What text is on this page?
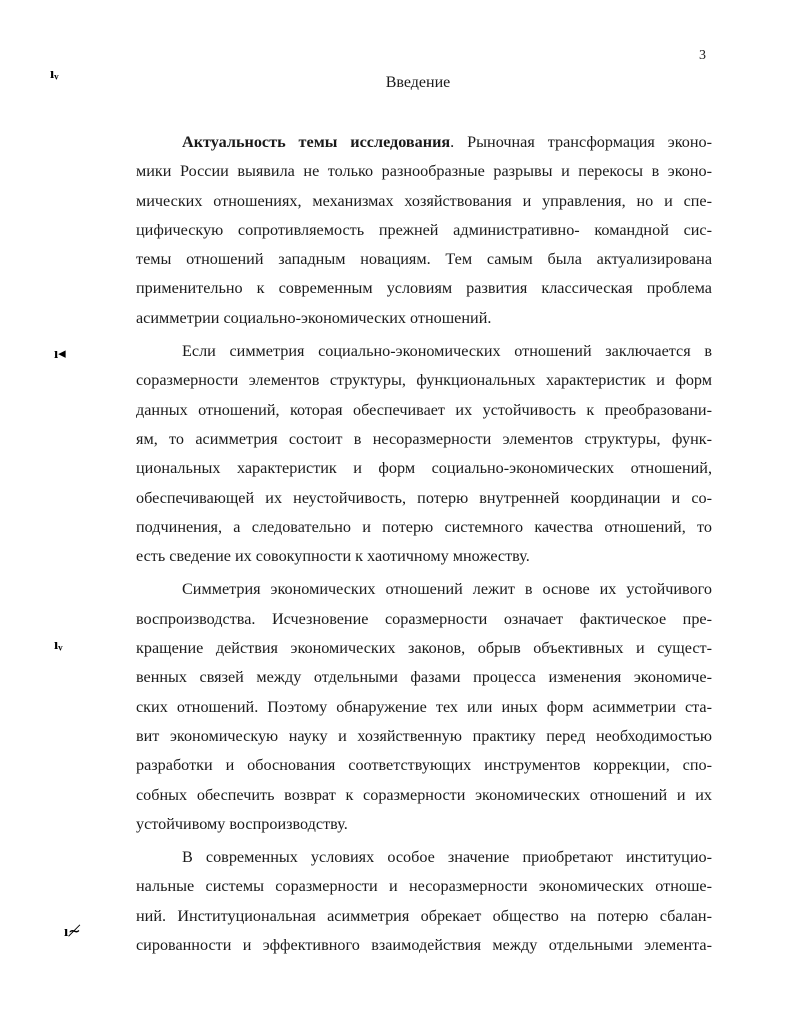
3
ıᵥ
ı◂
ıᵥ
ı≁
Введение
Актуальность темы исследования. Рыночная трансформация эконо-
мики России выявила не только разнообразные разрывы и перекосы в эконо-
мических отношениях, механизмах хозяйствования и управления, но и спе-
цифическую сопротивляемость прежней административно- командной сис-
темы отношений западным новациям. Тем самым была актуализирована
применительно к современным условиям развития классическая проблема
асимметрии социально-экономических отношений.
Если симметрия социально-экономических отношений заключается в
соразмерности элементов структуры, функциональных характеристик и форм
данных отношений, которая обеспечивает их устойчивость к преобразовани-
ям, то асимметрия состоит в несоразмерности элементов структуры, функ-
циональных характеристик и форм социально-экономических отношений,
обеспечивающей их неустойчивость, потерю внутренней координации и со-
подчинения, а следовательно и потерю системного качества отношений, то
есть сведение их совокупности к хаотичному множеству.
Симметрия экономических отношений лежит в основе их устойчивого
воспроизводства. Исчезновение соразмерности означает фактическое пре-
кращение действия экономических законов, обрыв объективных и сущест-
венных связей между отдельными фазами процесса изменения экономиче-
ских отношений. Поэтому обнаружение тех или иных форм асимметрии ста-
вит экономическую науку и хозяйственную практику перед необходимостью
разработки и обоснования соответствующих инструментов коррекции, спо-
собных обеспечить возврат к соразмерности экономических отношений и их
устойчивому воспроизводству.
В современных условиях особое значение приобретают институцио-
нальные системы соразмерности и несоразмерности экономических отноше-
ний. Институциональная асимметрия обрекает общество на потерю сбалан-
сированности и эффективного взаимодействия между отдельными элемента-
